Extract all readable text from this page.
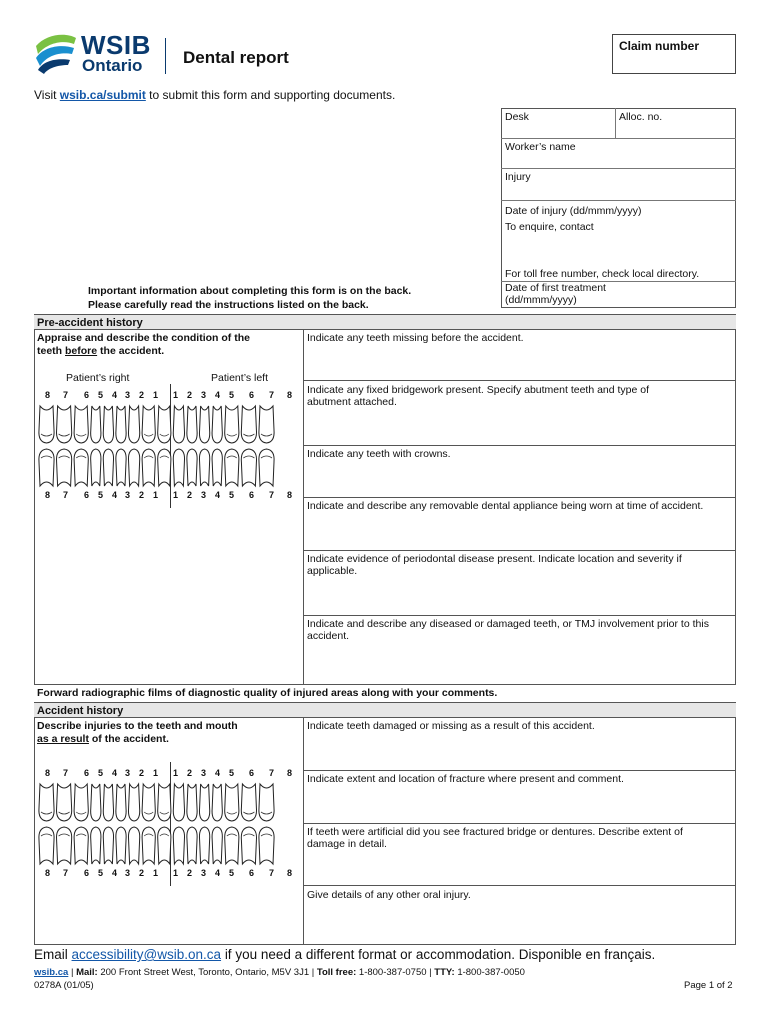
WSIB
Ontario Dental report
Claim number
Visit wsib.ca/submit to submit this form and supporting documents.
Desk	Alloc. no.
Worker’s name
Injury
Date of injury (dd/mmm/yyyy)
To enquire, contact
For toll free number, check local directory.
Date of first treatment (dd/mmm/yyyy)
Important information about completing this form is on the back.
Please carefully read the instructions listed on the back.
Pre-accident history
Appraise and describe the condition of the
teeth before the accident.
Patient’s right	Patient’s left
8 7 6 5 4 3 2 1 1 2 3 4 5 6 7 8
8 7 6 5 4 3 2 1 1 2 3 4 5 6 7 8
Indicate any teeth missing before the accident.
Indicate any fixed bridgework present. Specify abutment teeth and type of abutment attached.
Indicate any teeth with crowns.
Indicate and describe any removable dental appliance being worn at time of accident.
Indicate evidence of periodontal disease present. Indicate location and severity if applicable.
Indicate and describe any diseased or damaged teeth, or TMJ involvement prior to this accident.
Forward radiographic films of diagnostic quality of injured areas along with your comments.
Accident history
Describe injuries to the teeth and mouth
as a result of the accident.
8 7 6 5 4 3 2 1 1 2 3 4 5 6 7 8
8 7 6 5 4 3 2 1 1 2 3 4 5 6 7 8
Indicate teeth damaged or missing as a result of this accident.
Indicate extent and location of fracture where present and comment.
If teeth were artificial did you see fractured bridge or dentures. Describe extent of damage in detail.
Give details of any other oral injury.
Email accessibility@wsib.on.ca if you need a different format or accommodation. Disponible en français.
wsib.ca | Mail: 200 Front Street West, Toronto, Ontario, M5V 3J1 | Toll free: 1-800-387-0750 | TTY: 1-800-387-0050
0278A (01/05)	Page 1 of 2
